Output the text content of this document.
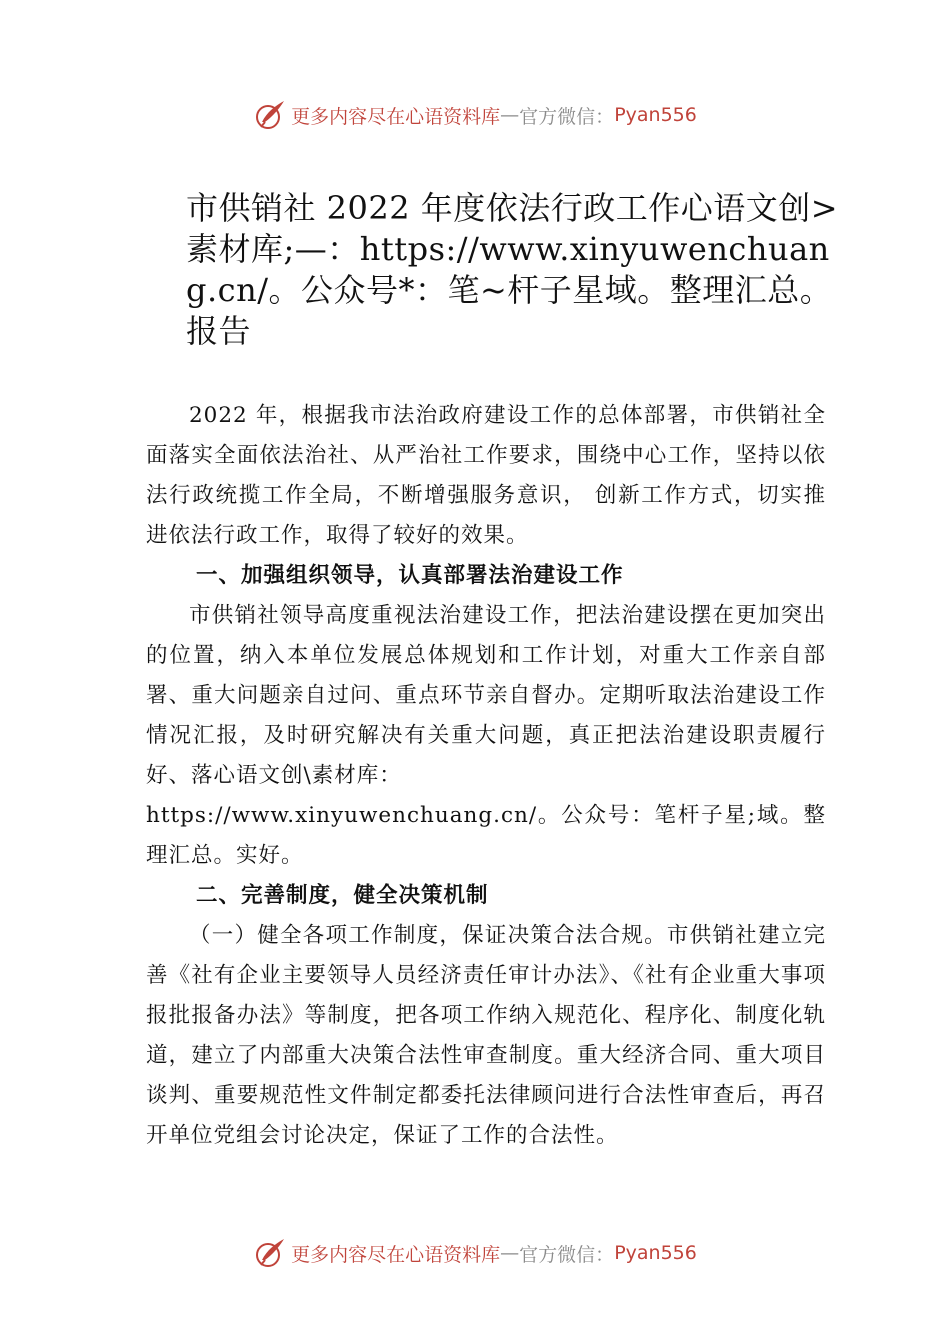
更多内容尽在心语资料库 — 官方微信： Pyan556
市供销社 2022 年度依法行政工作心语文创>素材库;—：https://www.xinyuwenchuang.cn/。公众号*：笔~杆子星域。整理汇总。报告

2022 年，根据我市法治政府建设工作的总体部署，市供销社全面落实全面依法治社、从严治社工作要求，围绕中心工作，坚持以依法行政统揽工作全局，不断增强服务意识， 创新工作方式，切实推进依法行政工作，取得了较好的效果。

一、加强组织领导，认真部署法治建设工作

市供销社领导高度重视法治建设工作，把法治建设摆在更加突出的位置，纳入本单位发展总体规划和工作计划，对重大工作亲自部署、重大问题亲自过问、重点环节亲自督办。定期听取法治建设工作情况汇报，及时研究解决有关重大问题，真正把法治建设职责履行好、落心语文创\素材库：

https://www.xinyuwenchuang.cn/。公众号：笔杆子星;域。整理汇总。实好。

二、完善制度，健全决策机制

（一）健全各项工作制度，保证决策合法合规。市供销社建立完善《社有企业主要领导人员经济责任审计办法》、《社有企业重大事项报批报备办法》等制度，把各项工作纳入规范化、程序化、制度化轨道，建立了内部重大决策合法性审查制度。重大经济合同、重大项目谈判、重要规范性文件制定都委托法律顾问进行合法性审查后，再召开单位党组会讨论决定，保证了工作的合法性。

更多内容尽在心语资料库 — 官方微信： Pyan556
